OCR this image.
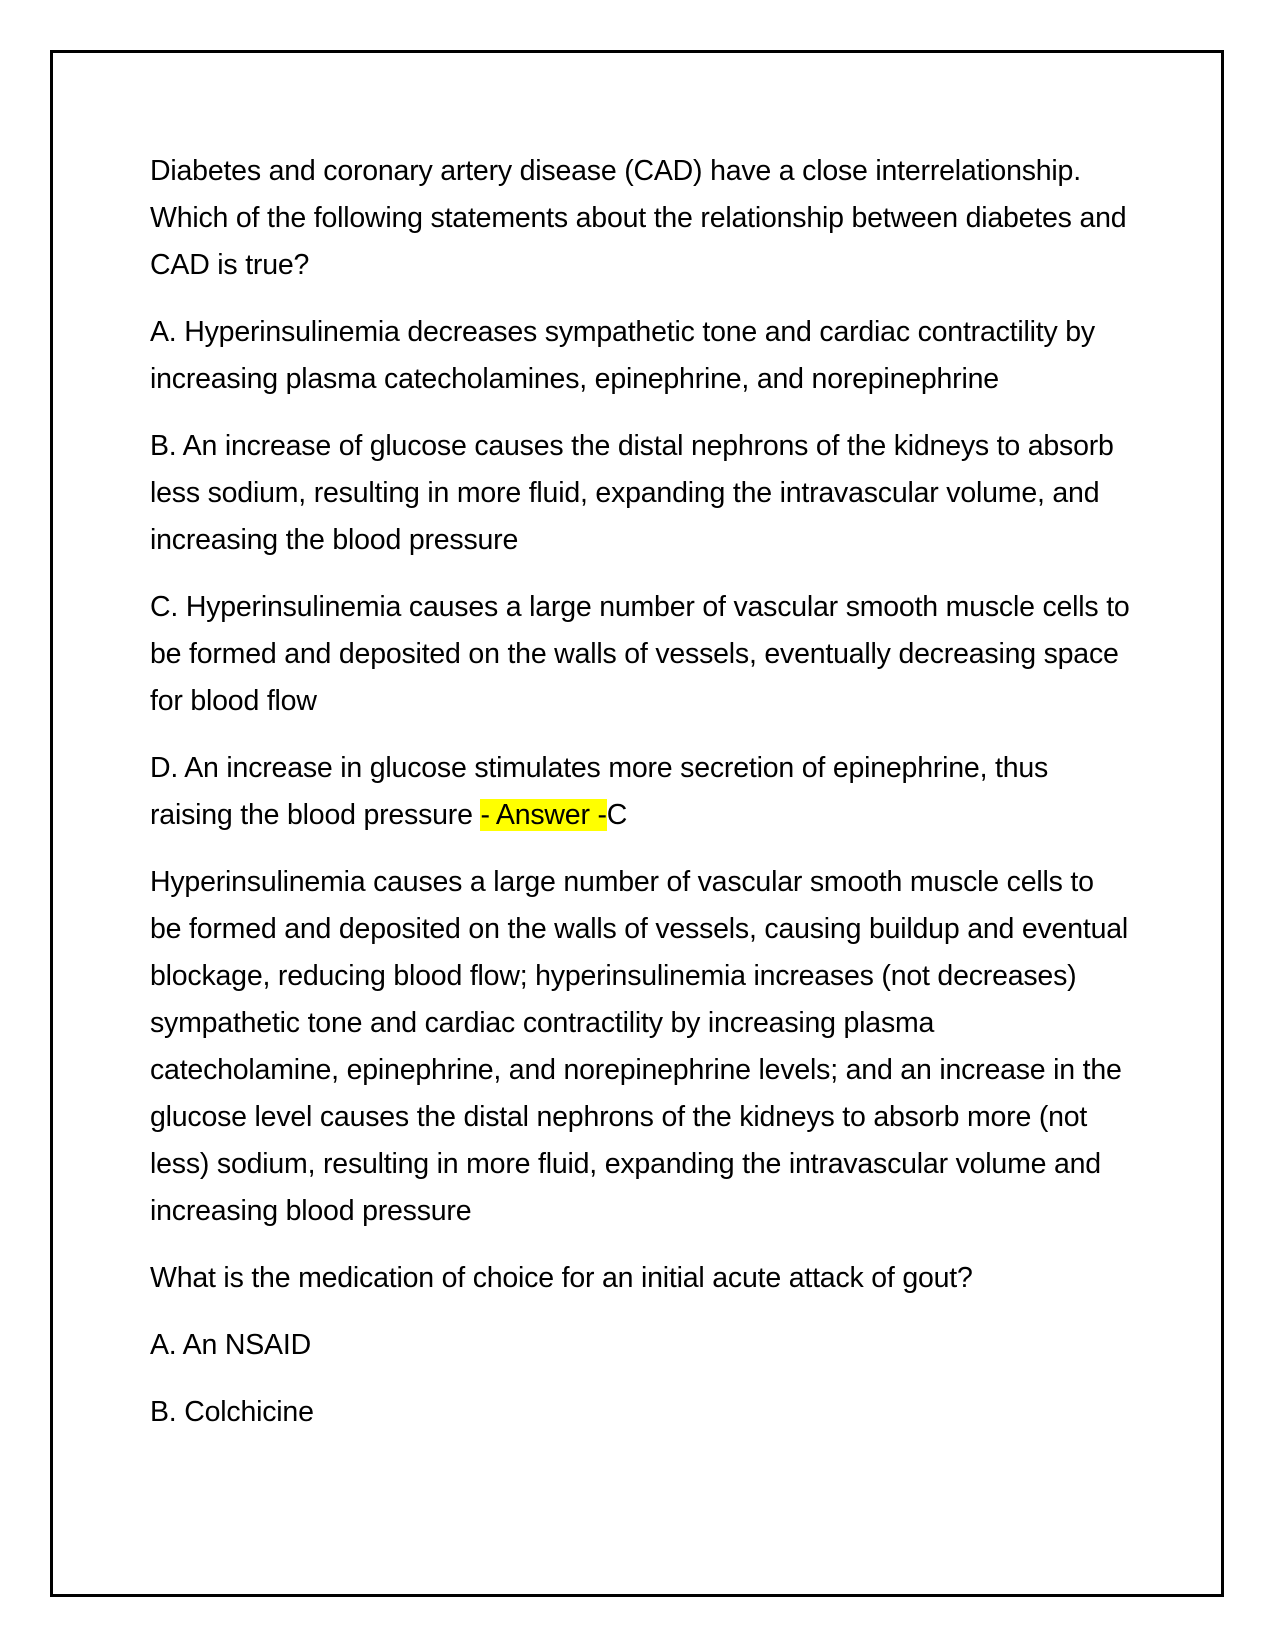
Diabetes and coronary artery disease (CAD) have a close interrelationship. Which of the following statements about the relationship between diabetes and CAD is true?

A. Hyperinsulinemia decreases sympathetic tone and cardiac contractility by increasing plasma catecholamines, epinephrine, and norepinephrine

B. An increase of glucose causes the distal nephrons of the kidneys to absorb less sodium, resulting in more fluid, expanding the intravascular volume, and increasing the blood pressure

C. Hyperinsulinemia causes a large number of vascular smooth muscle cells to be formed and deposited on the walls of vessels, eventually decreasing space for blood flow

D. An increase in glucose stimulates more secretion of epinephrine, thus raising the blood pressure - Answer -C

Hyperinsulinemia causes a large number of vascular smooth muscle cells to be formed and deposited on the walls of vessels, causing buildup and eventual blockage, reducing blood flow; hyperinsulinemia increases (not decreases) sympathetic tone and cardiac contractility by increasing plasma catecholamine, epinephrine, and norepinephrine levels; and an increase in the glucose level causes the distal nephrons of the kidneys to absorb more (not less) sodium, resulting in more fluid, expanding the intravascular volume and increasing blood pressure

What is the medication of choice for an initial acute attack of gout?

A. An NSAID

B. Colchicine
